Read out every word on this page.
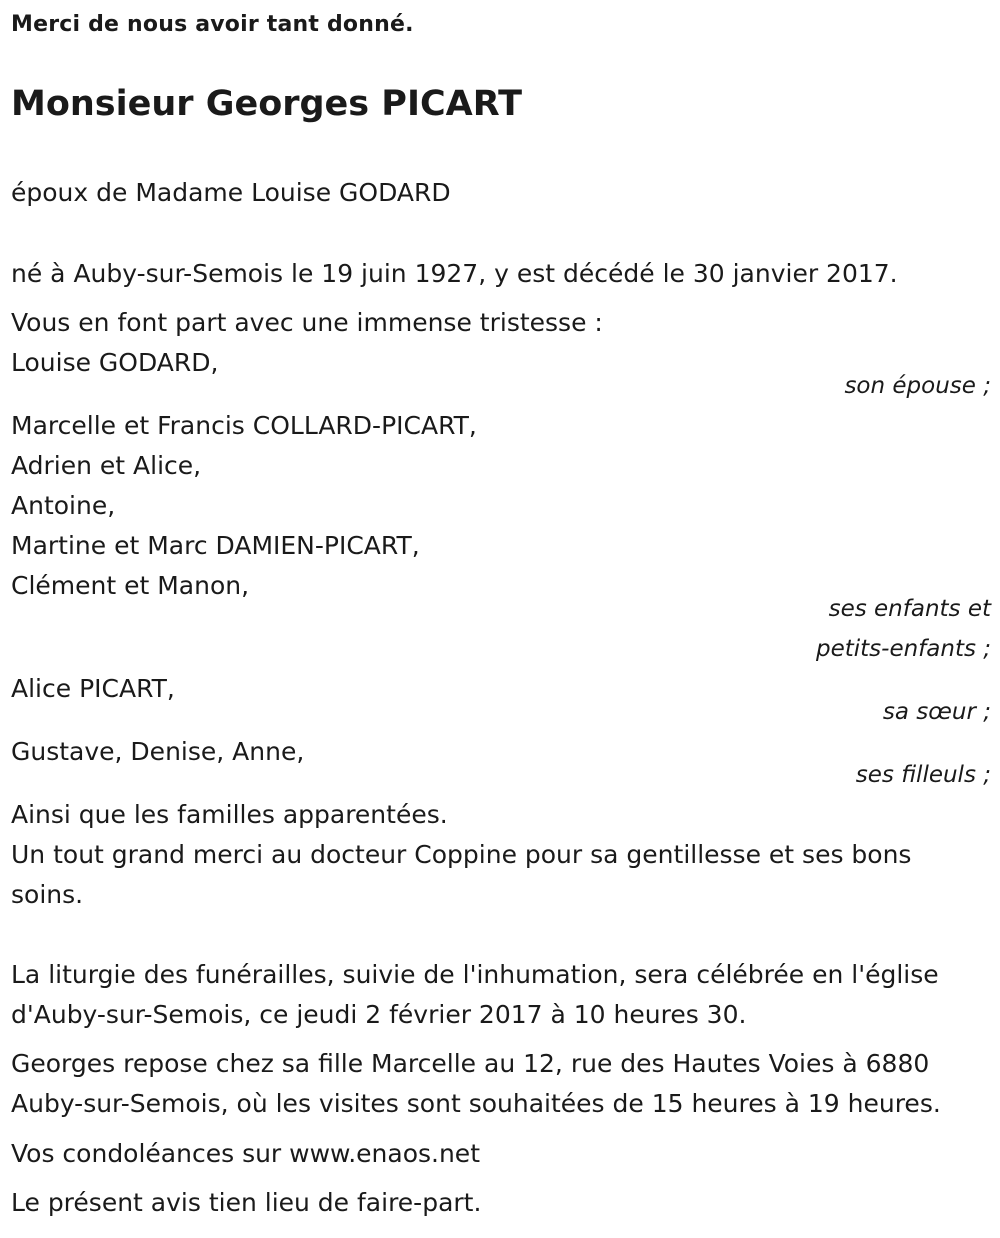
Merci de nous avoir tant donné.
Monsieur Georges PICART
époux de Madame Louise GODARD
né à Auby-sur-Semois le 19 juin 1927, y est décédé le 30 janvier 2017.
Vous en font part avec une immense tristesse :
Louise GODARD,
son épouse ;
Marcelle et Francis COLLARD-PICART,
Adrien et Alice,
Antoine,
Martine et Marc DAMIEN-PICART,
Clément et Manon,
ses enfants et
petits-enfants ;
Alice PICART,
sa sœur ;
Gustave, Denise, Anne,
ses filleuls ;
Ainsi que les familles apparentées.
Un tout grand merci au docteur Coppine pour sa gentillesse et ses bons soins.
La liturgie des funérailles, suivie de l'inhumation, sera célébrée en l'église d'Auby-sur-Semois, ce jeudi 2 février 2017 à 10 heures 30.
Georges repose chez sa fille Marcelle au 12, rue des Hautes Voies à 6880 Auby-sur-Semois, où les visites sont souhaitées de 15 heures à 19 heures.
Vos condoléances sur www.enaos.net
Le présent avis tien lieu de faire-part.
